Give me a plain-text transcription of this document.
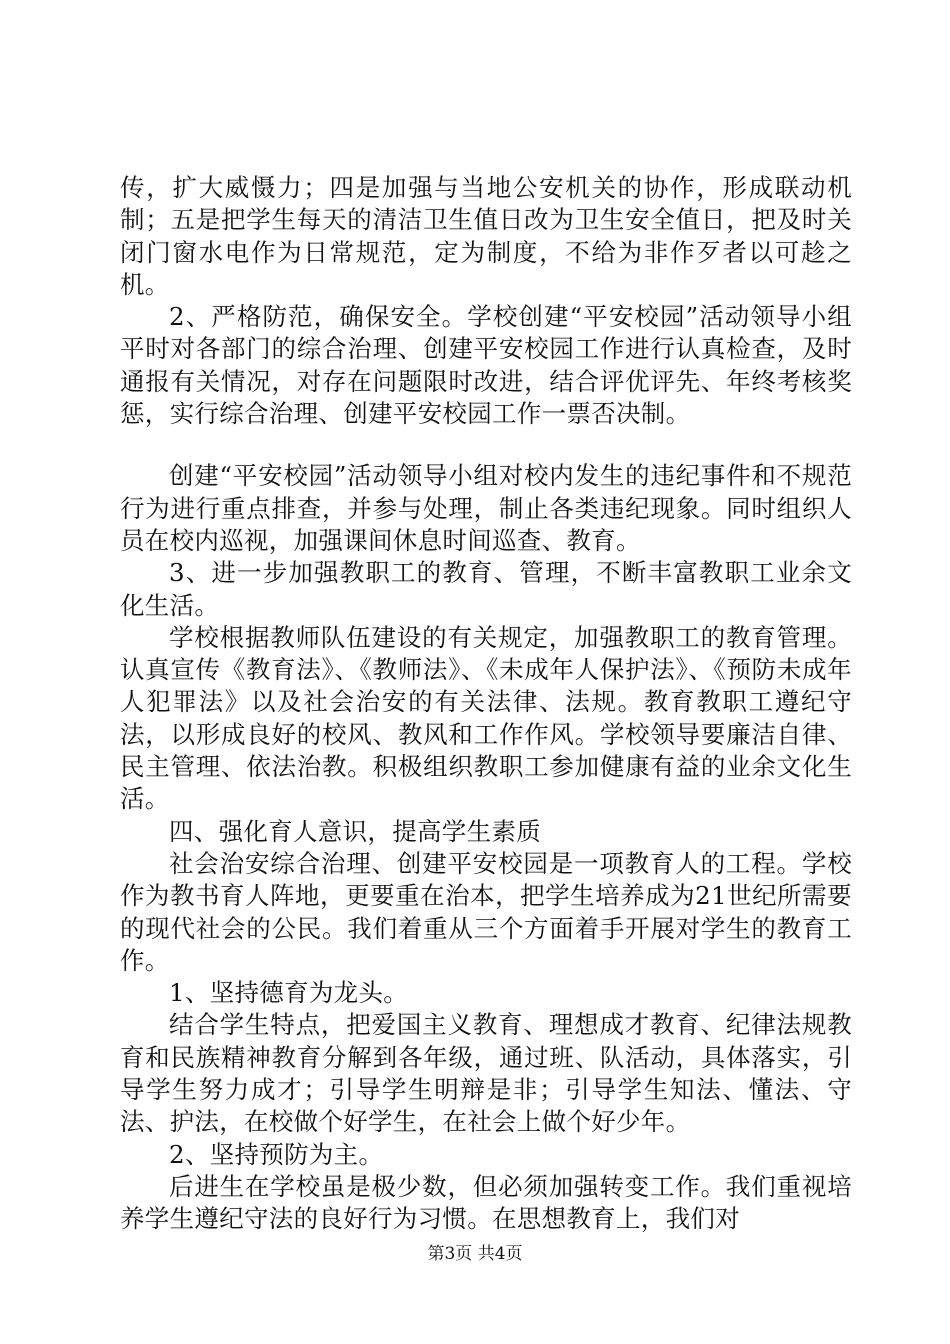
传，扩大威慑力；四是加强与当地公安机关的协作，形成联动机制；五是把学生每天的清洁卫生值日改为卫生安全值日，把及时关闭门窗水电作为日常规范，定为制度，不给为非作歹者以可趁之机。

2、严格防范，确保安全。学校创建“平安校园”活动领导小组平时对各部门的综合治理、创建平安校园工作进行认真检查，及时通报有关情况，对存在问题限时改进，结合评优评先、年终考核奖惩，实行综合治理、创建平安校园工作一票否决制。

创建“平安校园”活动领导小组对校内发生的违纪事件和不规范行为进行重点排查，并参与处理，制止各类违纪现象。同时组织人员在校内巡视，加强课间休息时间巡查、教育。

3、进一步加强教职工的教育、管理，不断丰富教职工业余文化生活。

学校根据教师队伍建设的有关规定，加强教职工的教育管理。认真宣传《教育法》、《教师法》、《未成年人保护法》、《预防未成年人犯罪法》以及社会治安的有关法律、法规。教育教职工遵纪守法，以形成良好的校风、教风和工作作风。学校领导要廉洁自律、民主管理、依法治教。积极组织教职工参加健康有益的业余文化生活。

四、强化育人意识，提高学生素质

社会治安综合治理、创建平安校园是一项教育人的工程。学校作为教书育人阵地，更要重在治本，把学生培养成为21世纪所需要的现代社会的公民。我们着重从三个方面着手开展对学生的教育工作。

1、坚持德育为龙头。

结合学生特点，把爱国主义教育、理想成才教育、纪律法规教育和民族精神教育分解到各年级，通过班、队活动，具体落实，引导学生努力成才；引导学生明辩是非；引导学生知法、懂法、守法、护法，在校做个好学生，在社会上做个好少年。

2、坚持预防为主。

后进生在学校虽是极少数，但必须加强转变工作。我们重视培养学生遵纪守法的良好行为习惯。在思想教育上，我们对

第3页 共4页
